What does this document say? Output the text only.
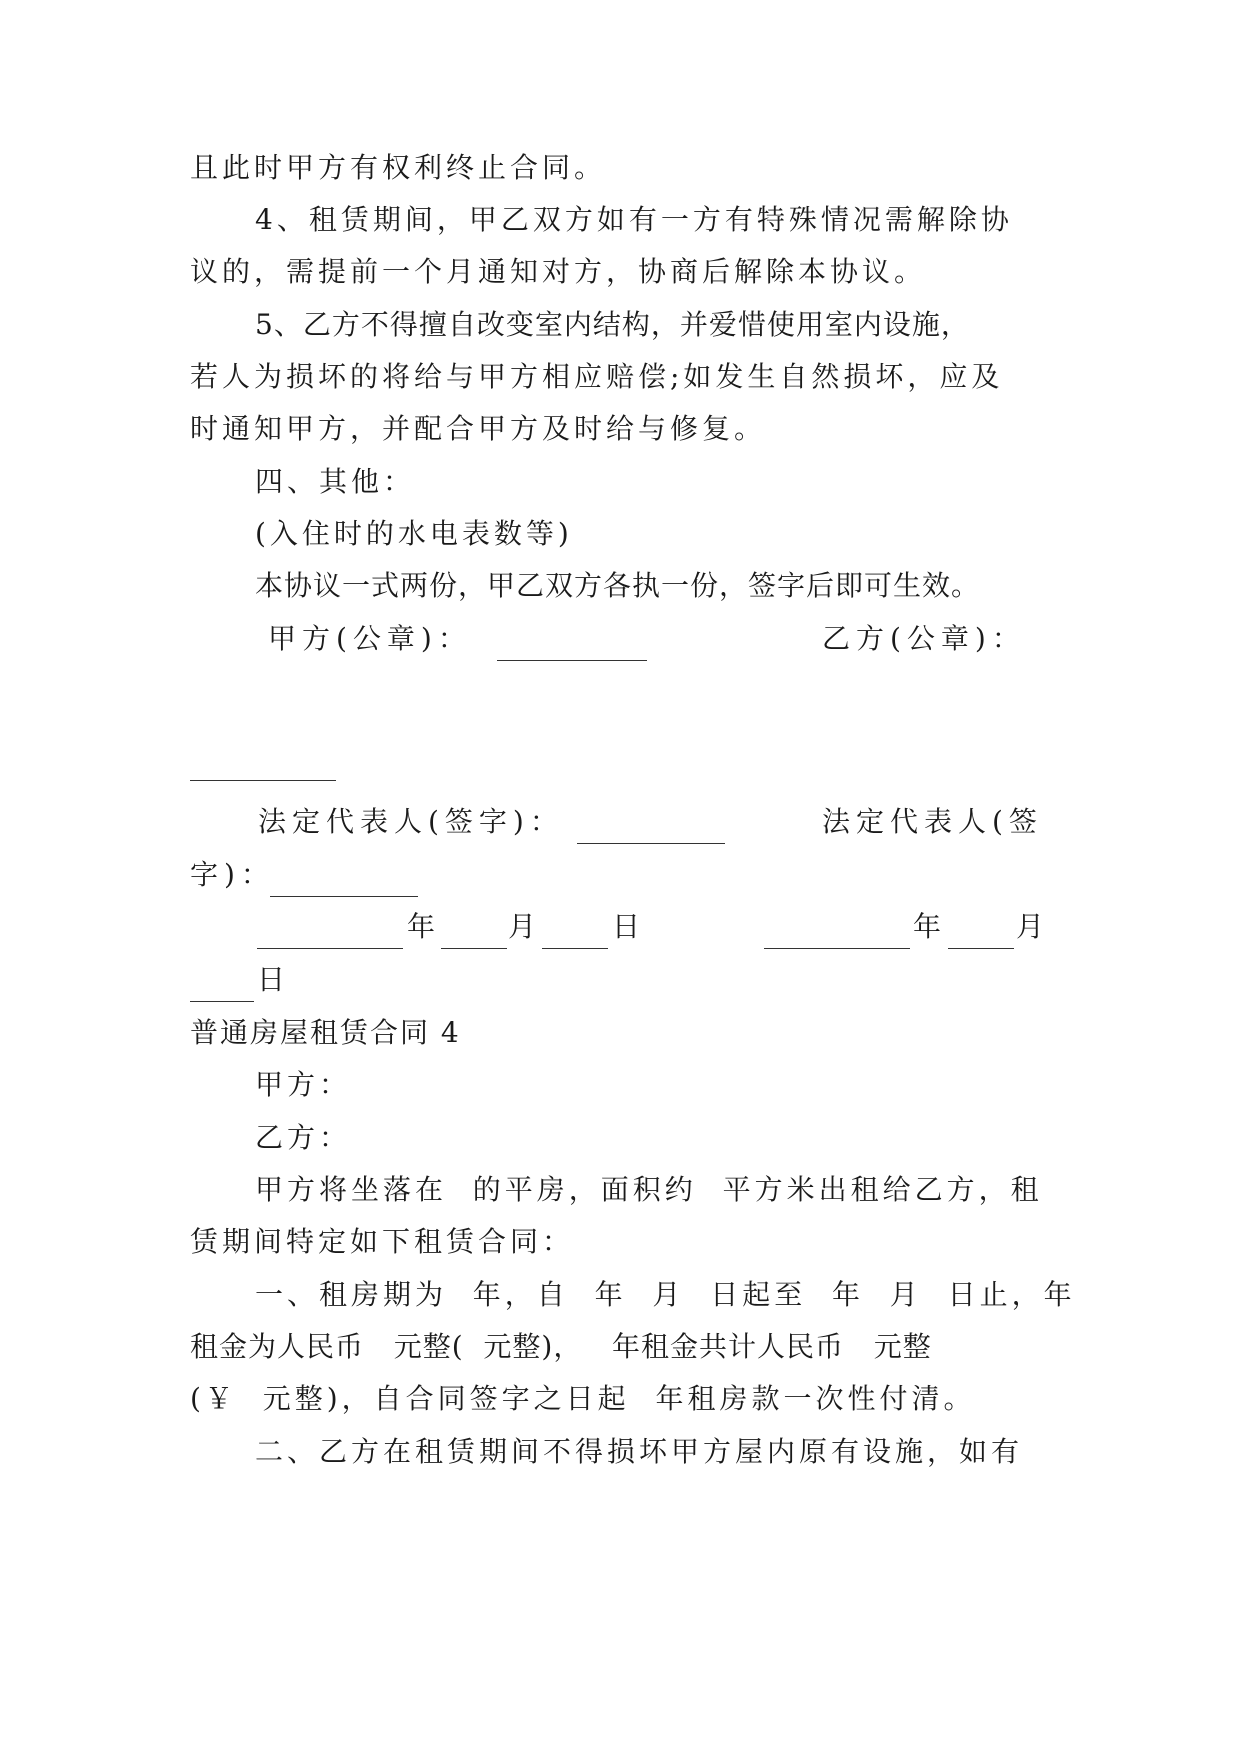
且此时甲方有权利终止合同。
4、租赁期间，甲乙双方如有一方有特殊情况需解除协
议的，需提前一个月通知对方，协商后解除本协议。
5、乙方不得擅自改变室内结构，并爱惜使用室内设施，
若人为损坏的将给与甲方相应赔偿;如发生自然损坏，应及
时通知甲方，并配合甲方及时给与修复。
四、其他：
(入住时的水电表数等)
本协议一式两份，甲乙双方各执一份，签字后即可生效。
甲方(公章)：	乙方(公章)：
法定代表人(签字)：	法定代表人(签
字)：
年 月 日	年 月
日
普通房屋租赁合同 4
甲方：
乙方：
甲方将坐落在  的平房，面积约  平方米出租给乙方，租
赁期间特定如下租赁合同：
一、租房期为  年，自  年  月  日起至  年  月  日止，年
租金为人民币   元整(  元整)，   年租金共计人民币   元整
(￥  元整)，自合同签字之日起  年租房款一次性付清。
二、乙方在租赁期间不得损坏甲方屋内原有设施，如有
